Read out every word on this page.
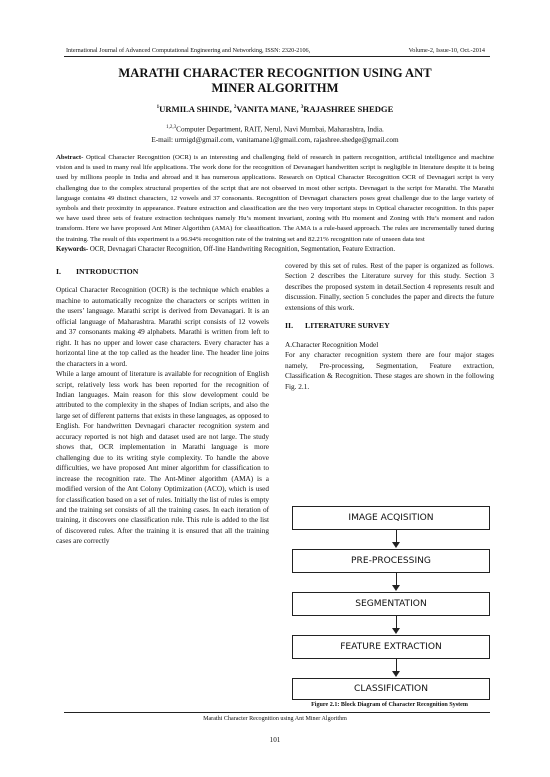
International Journal of Advanced Computational Engineering and Networking, ISSN: 2320-2106,	Volume-2, Issue-10, Oct.-2014
MARATHI CHARACTER RECOGNITION USING ANT
MINER ALGORITHM
$^1$URMILA SHINDE, $^2$VANITA MANE, $^3$RAJASHREE SHEDGE
$^{1,2,3}$Computer Department, RAIT, Nerul, Navi Mumbai, Maharashtra, India.
E-mail: urmigd@gmail.com, vanitamane1@gmail.com, rajashree.shedge@gmail.com
Abstract- Optical Character Recognition (OCR) is an interesting and challenging field of research in pattern recognition, artificial intelligence and machine vision and is used in many real life applications. The work done for the recognition of Devanagari handwritten script is negligible in literature despite it is being used by millions people in India and abroad and it has numerous applications. Research on Optical Character Recognition OCR of Devnagari script is very challenging due to the complex structural properties of the script that are not observed in most other scripts. Devnagari is the script for Marathi. The Marathi language contains 49 distinct characters, 12 vowels and 37 consonants. Recognition of Devnagari characters poses great challenge due to the large variety of symbols and their proximity in appearance. Feature extraction and classification are the two very important steps in Optical character recognition. In this paper we have used three sets of feature extraction techniques namely Hu’s moment invariant, zoning with Hu moment and Zoning with Hu’s moment and radon transform. Here we have proposed Ant Miner Algorithm (AMA) for classification. The AMA is a rule-based approach. The rules are incrementally tuned during the training. The result of this experiment is a 96.94% recognition rate of the training set and 82.21% recognition rate of unseen data test
Keywords- OCR, Devnagari Character Recognition, Off-line Handwriting Recognition, Segmentation, Feature Extraction.
I. INTRODUCTION
Optical Character Recognition (OCR) is the technique which enables a machine to automatically recognize the characters or scripts written in the users’ language. Marathi script is derived from Devanagari. It is an official language of Maharashtra. Marathi script consists of 12 vowels and 37 consonants making 49 alphabets. Marathi is written from left to right. It has no upper and lower case characters. Every character has a horizontal line at the top called as the header line. The header line joins the characters in a word.
While a large amount of literature is available for recognition of English script, relatively less work has been reported for the recognition of Indian languages. Main reason for this slow development could be attributed to the complexity in the shapes of Indian scripts, and also the large set of different patterns that exists in these languages, as opposed to English. For handwritten Devnagari character recognition system and accuracy reported is not high and dataset used are not large. The study shows that, OCR implementation in Marathi language is more challenging due to its writing style complexity. To handle the above difficulties, we have proposed Ant miner algorithm for classification to increase the recognition rate. The Ant-Miner algorithm (AMA) is a modified version of the Ant Colony Optimization (ACO), which is used for classification based on a set of rules. Initially the list of rules is empty and the training set consists of all the training cases. In each iteration of training, it discovers one classification rule. This rule is added to the list of discovered rules. After the training it is ensured that all the training cases are correctly
covered by this set of rules. Rest of the paper is organized as follows. Section 2 describes the Literature survey for this study. Section 3 describes the proposed system in detail.Section 4 represents result and discussion. Finally, section 5 concludes the paper and directs the future extensions of this work.
II. LITERATURE SURVEY
A.Character Recognition Model
For any character recognition system there are four major stages namely, Pre-processing, Segmentation, Feature extraction, Classification & Recognition. These stages are shown in the following Fig. 2.1.
IMAGE ACQISITION
PRE-PROCESSING
SEGMENTATION
FEATURE EXTRACTION
CLASSIFICATION
Figure 2.1: Block Diagram of Character Recognition System
Marathi Character Recognition using Ant Miner Algorithm
101
